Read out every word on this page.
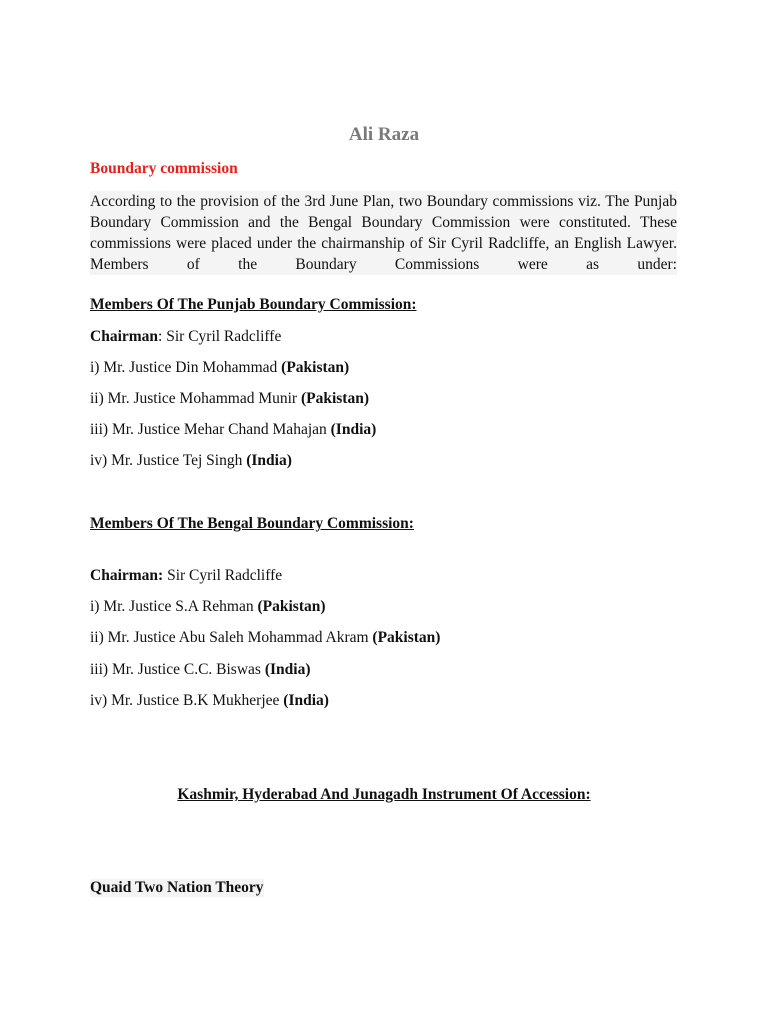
Ali Raza
Boundary commission
According to the provision of the 3rd June Plan, two Boundary commissions viz. The Punjab Boundary Commission and the Bengal Boundary Commission were constituted. These commissions were placed under the chairmanship of Sir Cyril Radcliffe, an English Lawyer. Members of the Boundary Commissions were as under:
Members Of The Punjab Boundary Commission:
Chairman: Sir Cyril Radcliffe
i) Mr. Justice Din Mohammad (Pakistan)
ii) Mr. Justice Mohammad Munir (Pakistan)
iii) Mr. Justice Mehar Chand Mahajan (India)
iv) Mr. Justice Tej Singh (India)
Members Of The Bengal Boundary Commission:
Chairman: Sir Cyril Radcliffe
i) Mr. Justice S.A Rehman (Pakistan)
ii) Mr. Justice Abu Saleh Mohammad Akram (Pakistan)
iii) Mr. Justice C.C. Biswas (India)
iv) Mr. Justice B.K Mukherjee (India)
Kashmir, Hyderabad And Junagadh Instrument Of Accession:
Quaid Two Nation Theory
